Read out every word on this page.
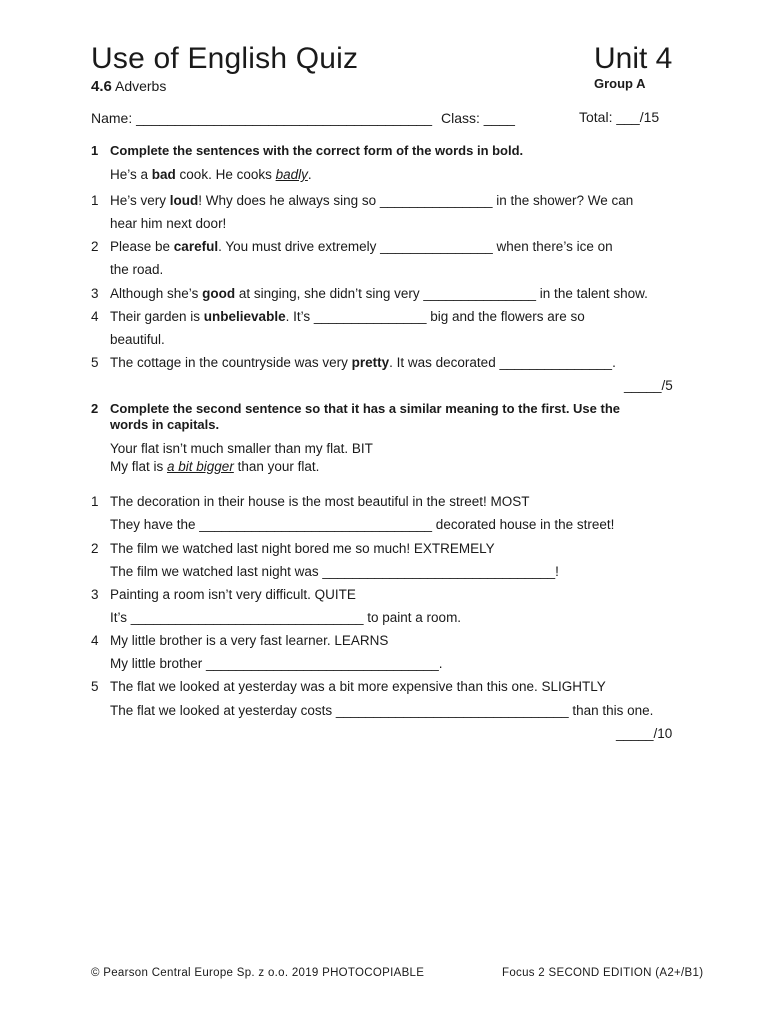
Use of English Quiz	Unit 4
4.6 Adverbs	Group A
Name: ______________________________________ Class: ____	Total: ___/15
1 Complete the sentences with the correct form of the words in bold.
He’s a bad cook. He cooks badly.
1 He’s very loud! Why does he always sing so _______________ in the shower? We can
hear him next door!
2 Please be careful. You must drive extremely _______________ when there’s ice on
the road.
3 Although she’s good at singing, she didn’t sing very _______________ in the talent show.
4 Their garden is unbelievable. It’s _______________ big and the flowers are so
beautiful.
5 The cottage in the countryside was very pretty. It was decorated _______________.
_____/5
2 Complete the second sentence so that it has a similar meaning to the first. Use the
words in capitals.
Your flat isn’t much smaller than my flat. BIT
My flat is a bit bigger than your flat.
1 The decoration in their house is the most beautiful in the street! MOST
They have the _______________________________ decorated house in the street!
2 The film we watched last night bored me so much! EXTREMELY
The film we watched last night was _______________________________!
3 Painting a room isn’t very difficult. QUITE
It’s _______________________________ to paint a room.
4 My little brother is a very fast learner. LEARNS
My little brother _______________________________.
5 The flat we looked at yesterday was a bit more expensive than this one. SLIGHTLY
The flat we looked at yesterday costs _______________________________ than this one.
_____/10
© Pearson Central Europe Sp. z o.o. 2019 PHOTOCOPIABLE	Focus 2 SECOND EDITION (A2+/B1)
